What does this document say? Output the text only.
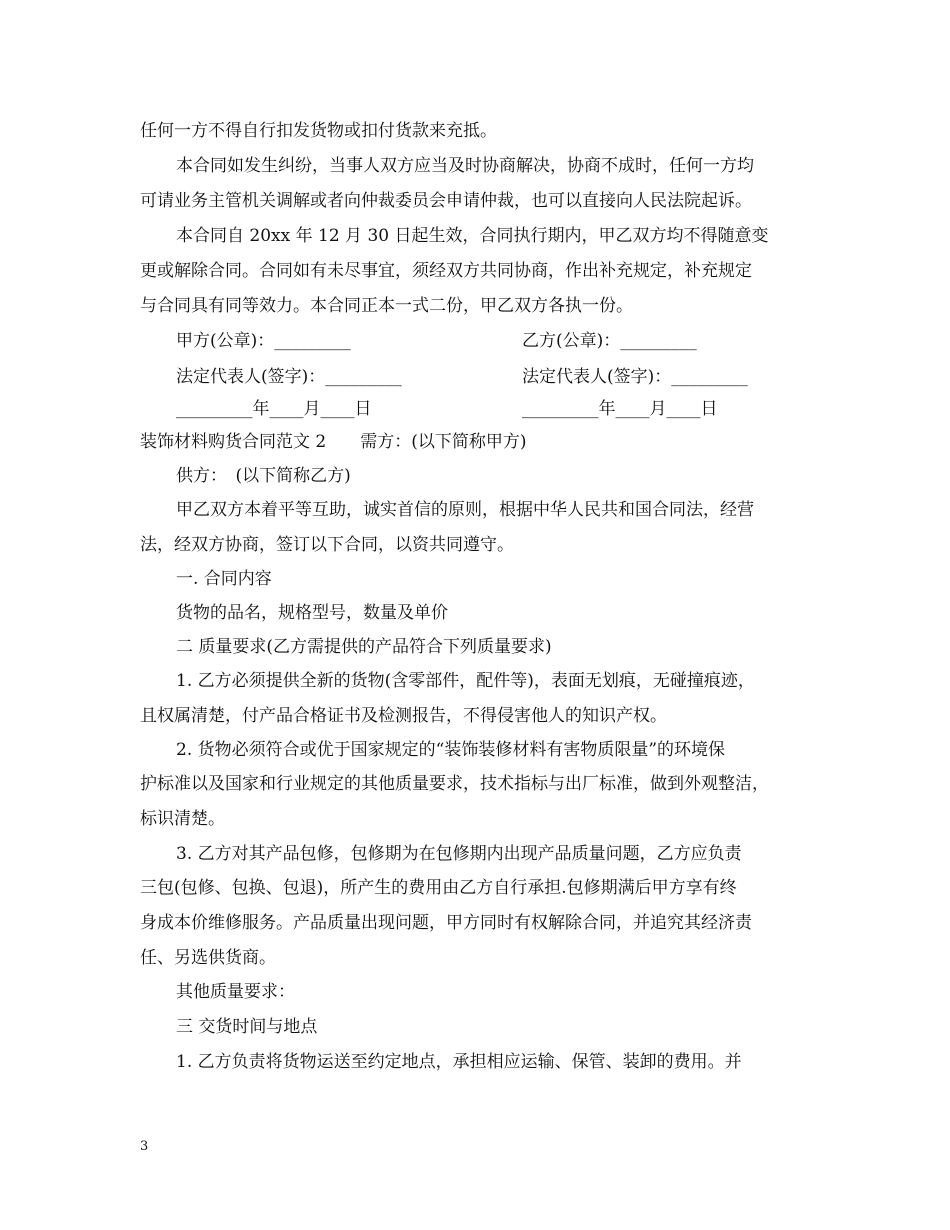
任何一方不得自行扣发货物或扣付货款来充抵。
本合同如发生纠纷，当事人双方应当及时协商解决，协商不成时，任何一方均
可请业务主管机关调解或者向仲裁委员会申请仲裁，也可以直接向人民法院起诉。
本合同自 20xx 年 12 月 30 日起生效，合同执行期内，甲乙双方均不得随意变
更或解除合同。合同如有未尽事宜，须经双方共同协商，作出补充规定，补充规定
与合同具有同等效力。本合同正本一式二份，甲乙双方各执一份。
甲方(公章)：_________	乙方(公章)：_________
法定代表人(签字)：_________	法定代表人(签字)：_________
_________年____月____日	_________年____月____日
装饰材料购货合同范文 2　　需方：(以下简称甲方)
供方：　(以下简称乙方)
甲乙双方本着平等互助，诚实首信的原则，根据中华人民共和国合同法，经营
法，经双方协商，签订以下合同，以资共同遵守。
一. 合同内容
货物的品名，规格型号，数量及单价
二 质量要求(乙方需提供的产品符合下列质量要求)
1. 乙方必须提供全新的货物(含零部件，配件等)，表面无划痕，无碰撞痕迹，
且权属清楚，付产品合格证书及检测报告，不得侵害他人的知识产权。
2. 货物必须符合或优于国家规定的“装饰装修材料有害物质限量”的环境保
护标准以及国家和行业规定的其他质量要求，技术指标与出厂标准，做到外观整洁，
标识清楚。
3. 乙方对其产品包修，包修期为在包修期内出现产品质量问题，乙方应负责
三包(包修、包换、包退)，所产生的费用由乙方自行承担.包修期满后甲方享有终
身成本价维修服务。产品质量出现问题，甲方同时有权解除合同，并追究其经济责
任、另选供货商。
其他质量要求：
三 交货时间与地点
1. 乙方负责将货物运送至约定地点，承担相应运输、保管、装卸的费用。并
3
